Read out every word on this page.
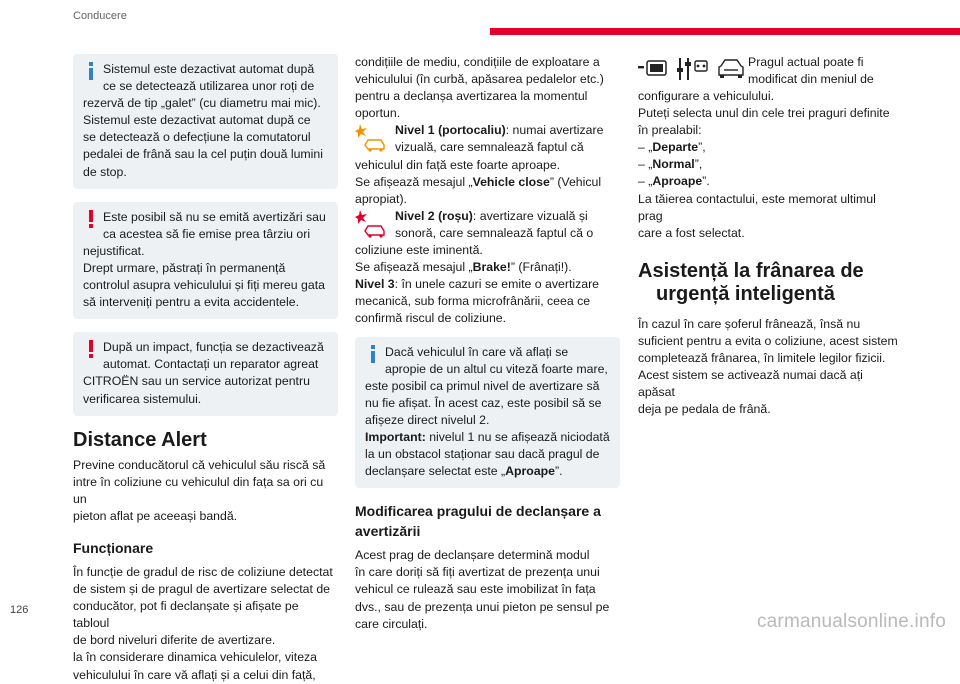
Conducere
Sistemul este dezactivat automat după
ce se detectează utilizarea unor roți de
rezervă de tip „galet” (cu diametru mai mic).
Sistemul este dezactivat automat după ce
se detectează o defecțiune la comutatorul
pedalei de frână sau la cel puțin două lumini
de stop.
Este posibil să nu se emită avertizări sau
ca acestea să fie emise prea târziu ori
nejustificat.
Drept urmare, păstrați în permanență
controlul asupra vehiculului și fiți mereu gata
să interveniți pentru a evita accidentele.
După un impact, funcția se dezactivează
automat. Contactați un reparator agreat
CITROËN sau un service autorizat pentru
verificarea sistemului.
Distance Alert
Previne conducătorul că vehiculul său riscă să
intre în coliziune cu vehiculul din fața sa ori cu un
pieton aflat pe aceeași bandă.
Funcționare
În funcție de gradul de risc de coliziune detectat
de sistem și de pragul de avertizare selectat de
conducător, pot fi declanșate și afișate pe tabloul
de bord niveluri diferite de avertizare.
la în considerare dinamica vehiculelor, viteza
vehiculului în care vă aflați și a celui din față,
condițiile de mediu, condițiile de exploatare a
vehiculului (în curbă, apăsarea pedalelor etc.)
pentru a declanșa avertizarea la momentul
oportun.
Nivel 1 (portocaliu): numai avertizare
vizuală, care semnalează faptul că
vehiculul din față este foarte aproape.
Se afișează mesajul „Vehicle close” (Vehicul
apropiat).
Nivel 2 (roșu): avertizare vizuală și
sonoră, care semnalează faptul că o
coliziune este iminentă.
Se afișează mesajul „Brake!” (Frânați!).
Nivel 3: în unele cazuri se emite o avertizare
mecanică, sub forma microfrânării, ceea ce
confirmă riscul de coliziune.
Dacă vehiculul în care vă aflați se
apropie de un altul cu viteză foarte mare,
este posibil ca primul nivel de avertizare să
nu fie afișat. În acest caz, este posibil să se
afișeze direct nivelul 2.
Important: nivelul 1 nu se afișează niciodată
la un obstacol staționar sau dacă pragul de
declanșare selectat este „Aproape”.
Modificarea pragului de declanșare a
avertizării
Acest prag de declanșare determină modul
în care doriți să fiți avertizat de prezența unui
vehicul ce rulează sau este imobilizat în fața
dvs., sau de prezența unui pieton pe sensul pe
care circulați.
Pragul actual poate fi
modificat din meniul de
configurare a vehiculului.
Puteți selecta unul din cele trei praguri definite
în prealabil:
– „Departe”,
– „Normal”,
– „Aproape”.
La tăierea contactului, este memorat ultimul prag
care a fost selectat.
Asistență la frânarea de
urgență inteligentă
În cazul în care șoferul frânează, însă nu
suficient pentru a evita o coliziune, acest sistem
completează frânarea, în limitele legilor fizicii.
Acest sistem se activează numai dacă ați apăsat
deja pe pedala de frână.
126
carmanualsonline.info
